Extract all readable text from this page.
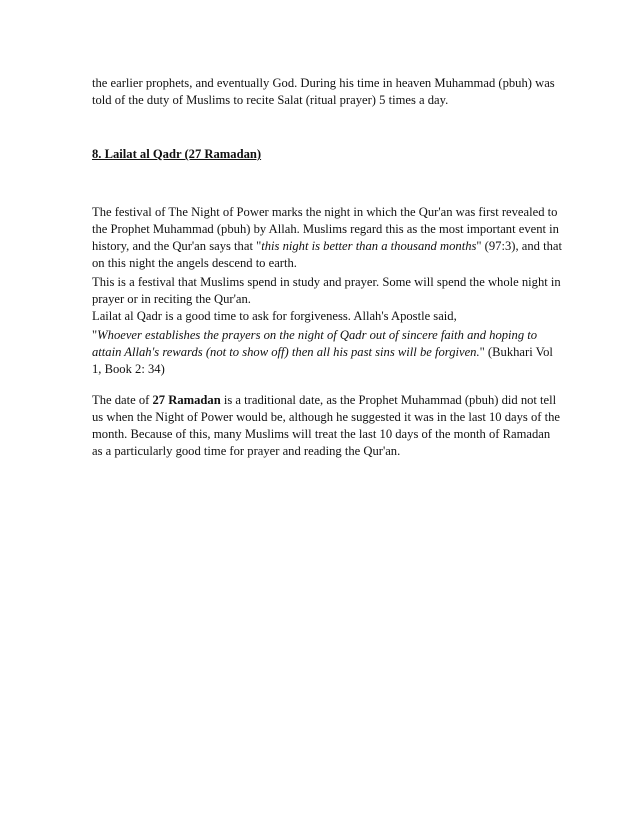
the earlier prophets, and eventually God. During his time in heaven Muhammad (pbuh) was told of the duty of Muslims to recite Salat (ritual prayer) 5 times a day.

8. Lailat al Qadr (27 Ramadan)

The festival of The Night of Power marks the night in which the Qur'an was first revealed to the Prophet Muhammad (pbuh) by Allah. Muslims regard this as the most important event in history, and the Qur'an says that "this night is better than a thousand months" (97:3), and that on this night the angels descend to earth.

This is a festival that Muslims spend in study and prayer. Some will spend the whole night in prayer or in reciting the Qur'an.
Lailat al Qadr is a good time to ask for forgiveness. Allah's Apostle said,

"Whoever establishes the prayers on the night of Qadr out of sincere faith and hoping to attain Allah's rewards (not to show off) then all his past sins will be forgiven." (Bukhari Vol 1, Book 2: 34)

The date of 27 Ramadan is a traditional date, as the Prophet Muhammad (pbuh) did not tell us when the Night of Power would be, although he suggested it was in the last 10 days of the month. Because of this, many Muslims will treat the last 10 days of the month of Ramadan as a particularly good time for prayer and reading the Qur'an.
